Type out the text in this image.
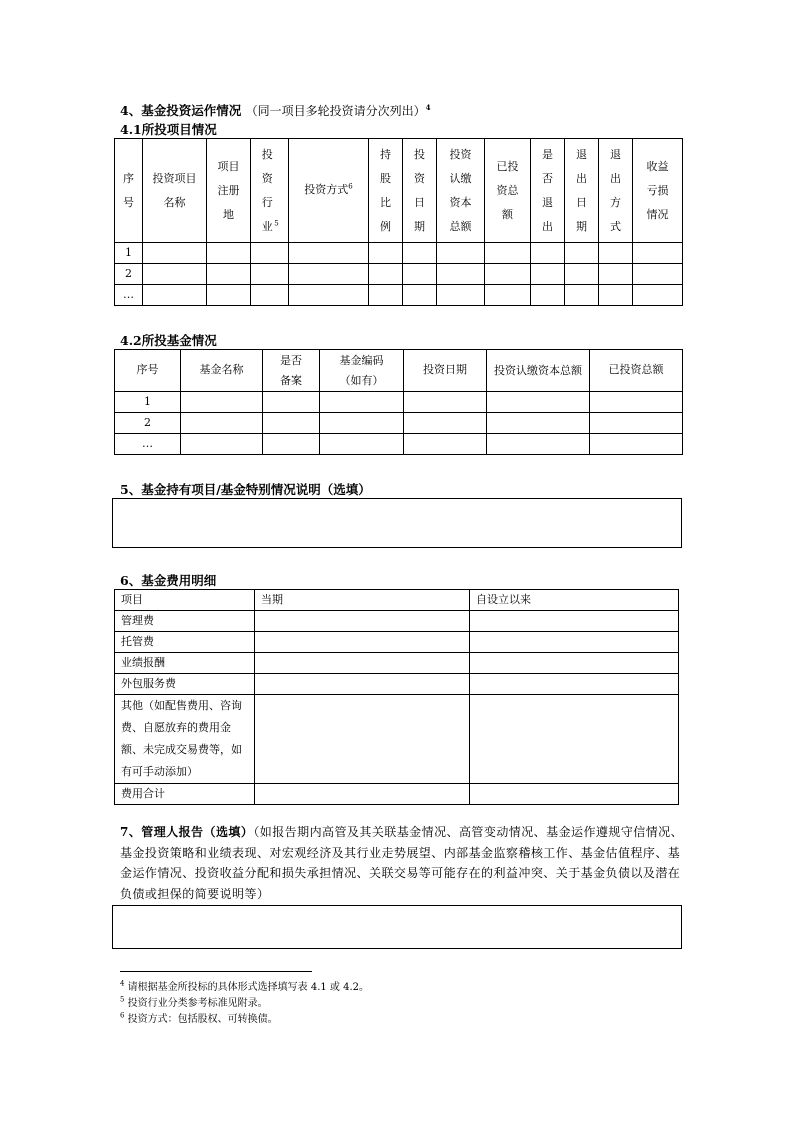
4、基金投资运作情况 （同一项目多轮投资请分次列出）$^4$
4.1所投项目情况
序号	投资项目名称	项目注册地	投资行业 $^5$	投资方式$^6$	持股比例	投资日期	投资认缴资本总额	已投资总额	是否退出	退出日期	退出方式	收益亏损情况
1												
2												
…												
4.2所投基金情况
序号	基金名称	是否备案	基金编码（如有）	投资日期	投资认缴资本总额	已投资总额
1						
2						
…						
5、基金持有项目/基金特别情况说明（选填）
6、基金费用明细
项目	当期	自设立以来
管理费		
托管费		
业绩报酬		
外包服务费		
其他（如配售费用、咨询费、自愿放弃的费用金额、未完成交易费等，如有可手动添加）		
费用合计		
7、管理人报告（选填）（如报告期内高管及其关联基金情况、高管变动情况、基金运作遵规守信情况、基金投资策略和业绩表现、对宏观经济及其行业走势展望、内部基金监察稽核工作、基金估值程序、基金运作情况、投资收益分配和损失承担情况、关联交易等可能存在的利益冲突、关于基金负债以及潜在负债或担保的简要说明等）
$^4$ 请根据基金所投标的具体形式选择填写表 4.1 或 4.2。
$^5$ 投资行业分类参考标准见附录。
$^6$ 投资方式：包括股权、可转换债。
